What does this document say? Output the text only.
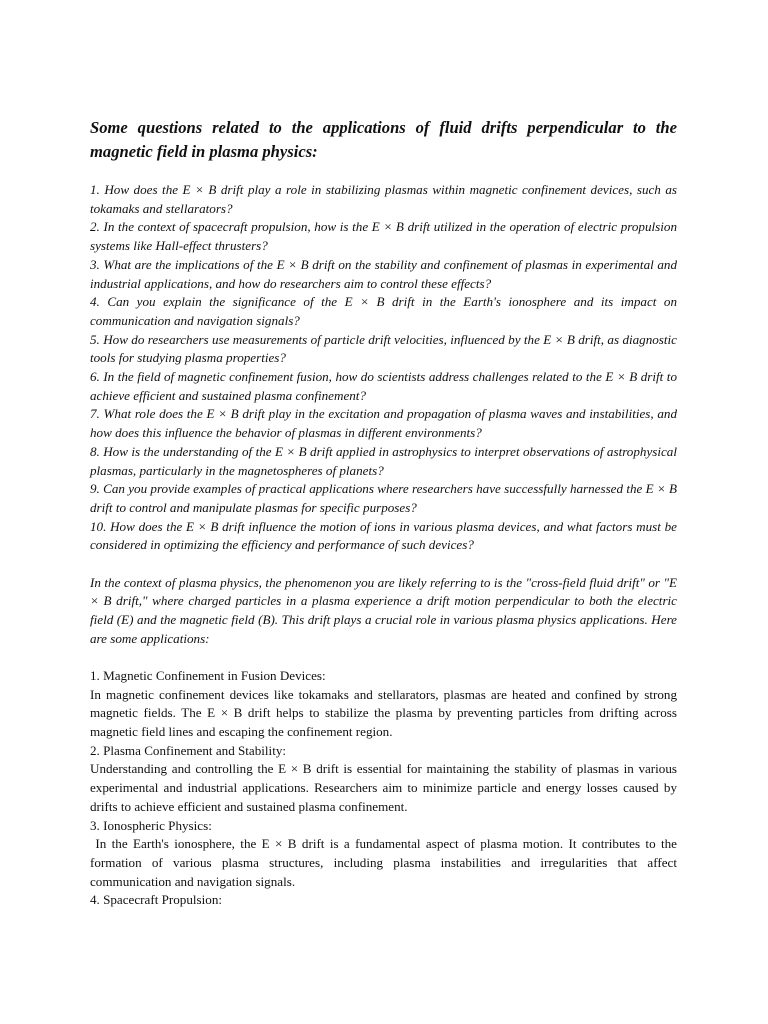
Some questions related to the applications of fluid drifts perpendicular to the magnetic field in plasma physics:

1. How does the E × B drift play a role in stabilizing plasmas within magnetic confinement devices, such as tokamaks and stellarators?

2. In the context of spacecraft propulsion, how is the E × B drift utilized in the operation of electric propulsion systems like Hall-effect thrusters?

3. What are the implications of the E × B drift on the stability and confinement of plasmas in experimental and industrial applications, and how do researchers aim to control these effects?

4. Can you explain the significance of the E × B drift in the Earth's ionosphere and its impact on communication and navigation signals?

5. How do researchers use measurements of particle drift velocities, influenced by the E × B drift, as diagnostic tools for studying plasma properties?

6. In the field of magnetic confinement fusion, how do scientists address challenges related to the E × B drift to achieve efficient and sustained plasma confinement?

7. What role does the E × B drift play in the excitation and propagation of plasma waves and instabilities, and how does this influence the behavior of plasmas in different environments?

8. How is the understanding of the E × B drift applied in astrophysics to interpret observations of astrophysical plasmas, particularly in the magnetospheres of planets?

9. Can you provide examples of practical applications where researchers have successfully harnessed the E × B drift to control and manipulate plasmas for specific purposes?

10. How does the E × B drift influence the motion of ions in various plasma devices, and what factors must be considered in optimizing the efficiency and performance of such devices?

In the context of plasma physics, the phenomenon you are likely referring to is the "cross-field fluid drift" or "E × B drift," where charged particles in a plasma experience a drift motion perpendicular to both the electric field (E) and the magnetic field (B). This drift plays a crucial role in various plasma physics applications. Here are some applications:

1. Magnetic Confinement in Fusion Devices:

In magnetic confinement devices like tokamaks and stellarators, plasmas are heated and confined by strong magnetic fields. The E × B drift helps to stabilize the plasma by preventing particles from drifting across magnetic field lines and escaping the confinement region.

2. Plasma Confinement and Stability:

Understanding and controlling the E × B drift is essential for maintaining the stability of plasmas in various experimental and industrial applications. Researchers aim to minimize particle and energy losses caused by drifts to achieve efficient and sustained plasma confinement.

3. Ionospheric Physics:

In the Earth's ionosphere, the E × B drift is a fundamental aspect of plasma motion. It contributes to the formation of various plasma structures, including plasma instabilities and irregularities that affect communication and navigation signals.

4. Spacecraft Propulsion:
